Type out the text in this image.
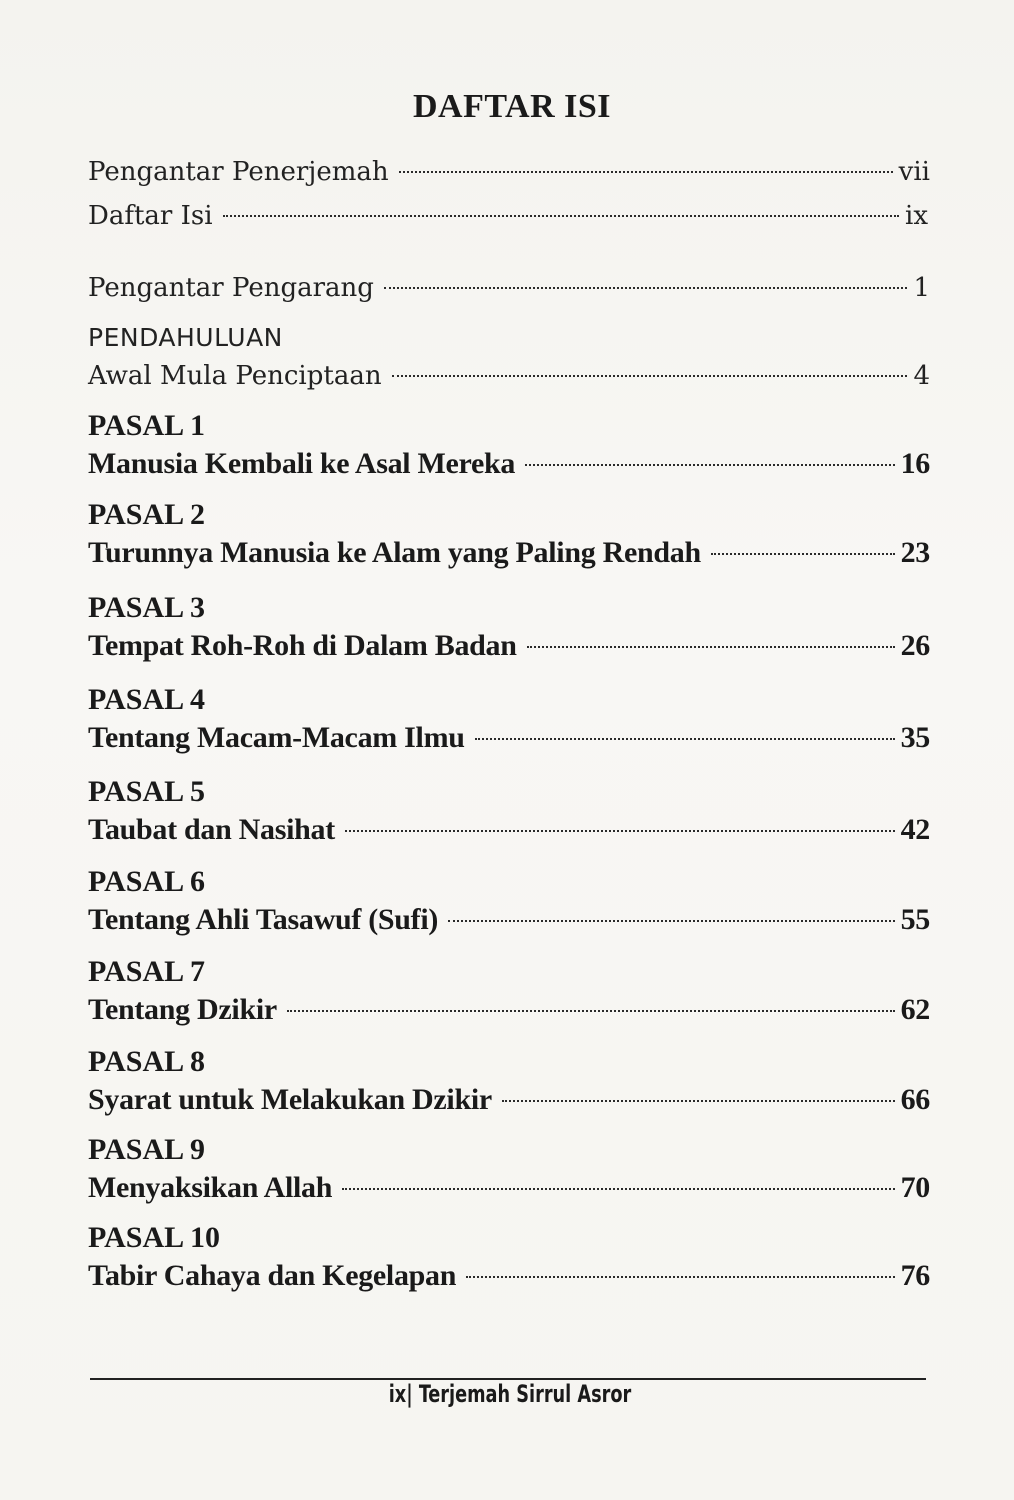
DAFTAR ISI
Pengantar Penerjemah	vii
Daftar Isi	ix
Pengantar Pengarang	1
PENDAHULUAN
Awal Mula Penciptaan	4
PASAL 1
Manusia Kembali ke Asal Mereka	16
PASAL 2
Turunnya Manusia ke Alam yang Paling Rendah	23
PASAL 3
Tempat Roh-Roh di Dalam Badan	26
PASAL 4
Tentang Macam-Macam Ilmu	35
PASAL 5
Taubat dan Nasihat	42
PASAL 6
Tentang Ahli Tasawuf (Sufi)	55
PASAL 7
Tentang Dzikir	62
PASAL 8
Syarat untuk Melakukan Dzikir	66
PASAL 9
Menyaksikan Allah	70
PASAL 10
Tabir Cahaya dan Kegelapan	76
ix| Terjemah Sirrul Asror
